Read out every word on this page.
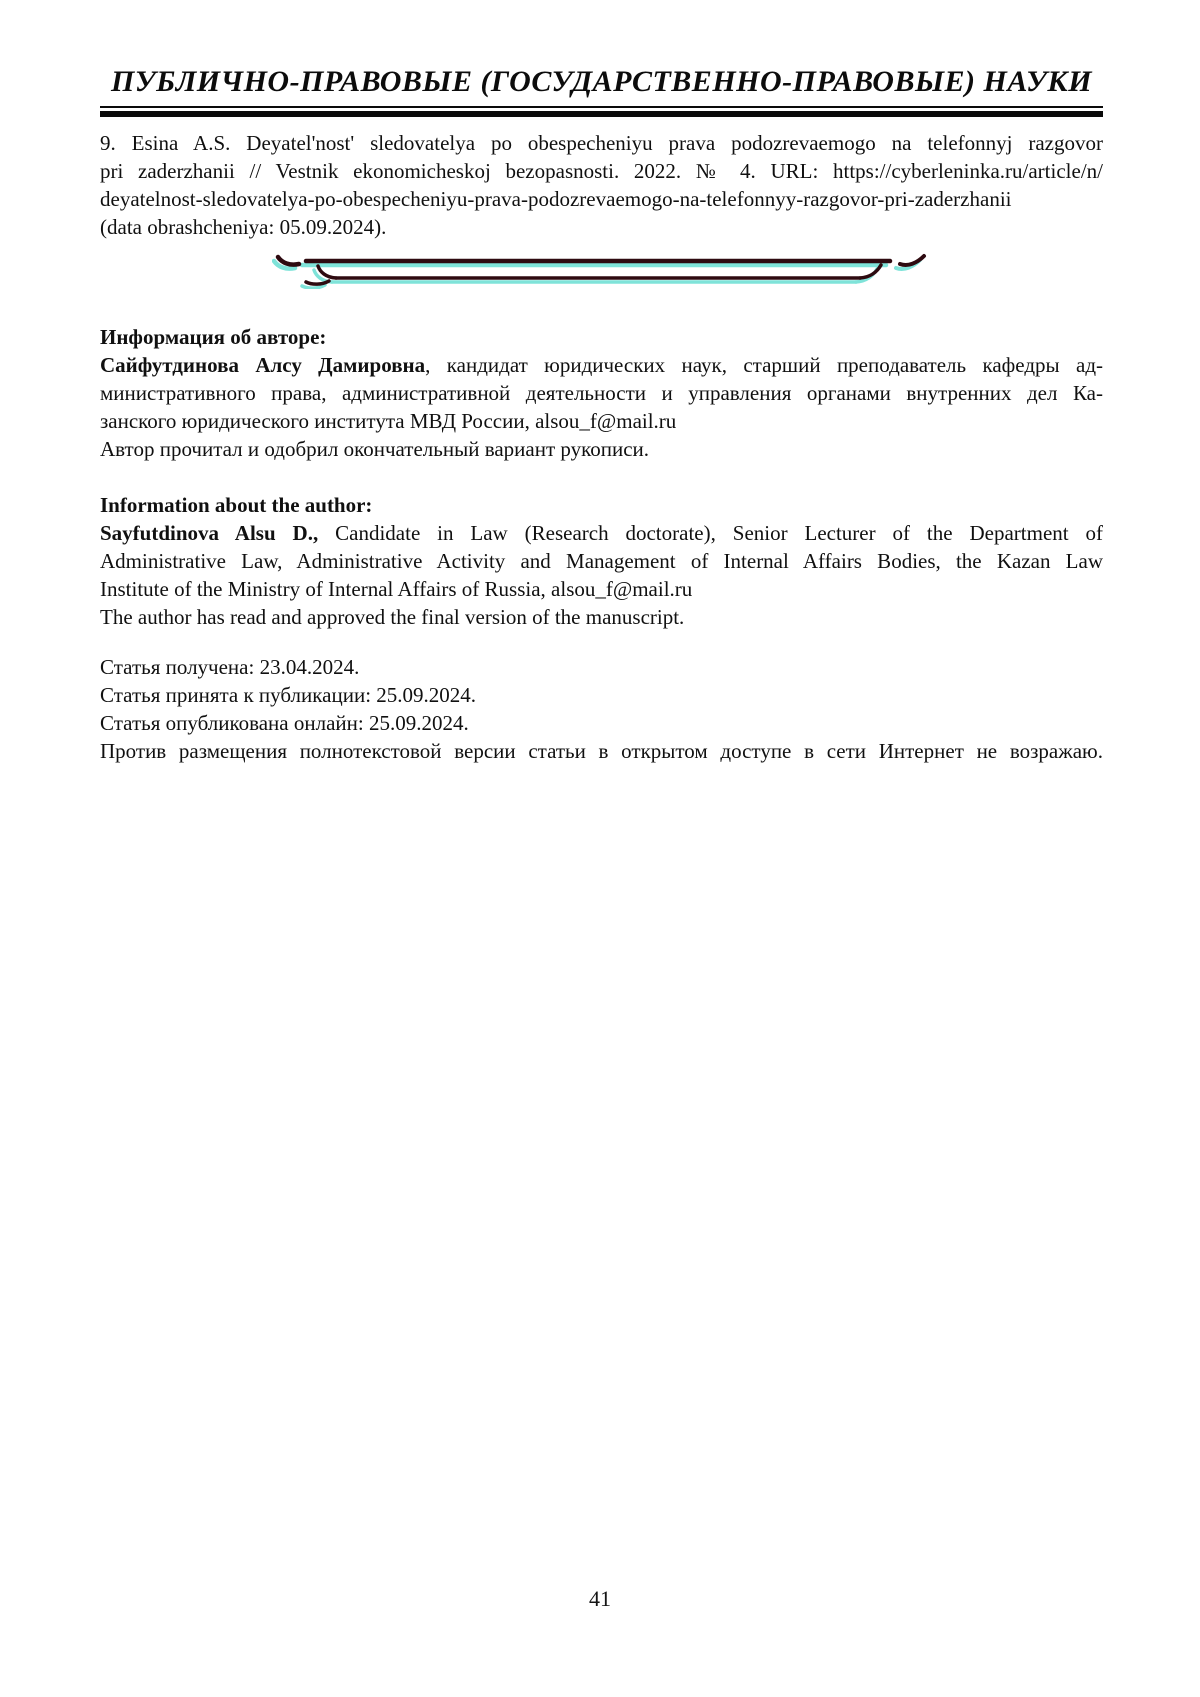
ПУБЛИЧНО-ПРАВОВЫЕ (ГОСУДАРСТВЕННО-ПРАВОВЫЕ) НАУКИ
9. Esina A.S. Deyatel'nost' sledovatelya po obespecheniyu prava podozrevaemogo na telefonnyj razgovor
pri zaderzhanii // Vestnik ekonomicheskoj bezopasnosti. 2022. № 4. URL: https://cyberleninka.ru/article/n/
deyatelnost-sledovatelya-po-obespecheniyu-prava-podozrevaemogo-na-telefonnyy-razgovor-pri-zaderzhanii
(data obrashcheniya: 05.09.2024).
Информация об авторе:
Сайфутдинова Алсу Дамировна, кандидат юридических наук, старший преподаватель кафедры ад-
министративного права, административной деятельности и управления органами внутренних дел Ка-
занского юридического института МВД России, alsou_f@mail.ru
Автор прочитал и одобрил окончательный вариант рукописи.
Information about the author:
Sayfutdinova Alsu D., Candidate in Law (Research doctorate), Senior Lecturer of the Department of
Administrative Law, Administrative Activity and Management of Internal Affairs Bodies, the Kazan Law
Institute of the Ministry of Internal Affairs of Russia, alsou_f@mail.ru
The author has read and approved the final version of the manuscript.
Статья получена: 23.04.2024.
Статья принята к публикации: 25.09.2024.
Статья опубликована онлайн: 25.09.2024.
Против размещения полнотекстовой версии статьи в открытом доступе в сети Интернет не возражаю.
41
